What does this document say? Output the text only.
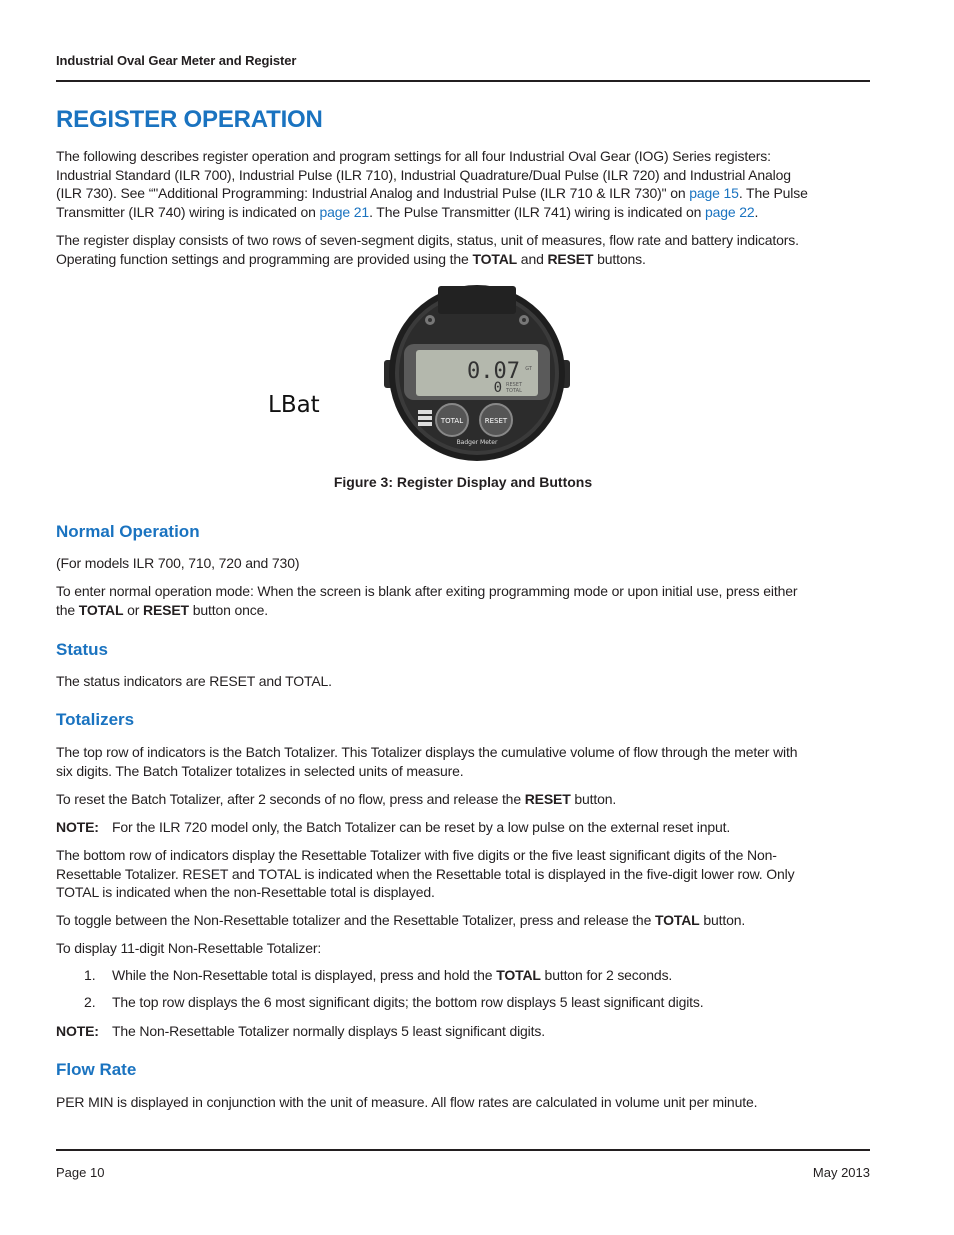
Industrial Oval Gear Meter and Register
REGISTER OPERATION

The following describes register operation and program settings for all four Industrial Oval Gear (IOG) Series registers:
Industrial Standard (ILR 700), Industrial Pulse (ILR 710), Industrial Quadrature/Dual Pulse (ILR 720) and Industrial Analog
(ILR 730). See “"Additional Programming: Industrial Analog and Industrial Pulse (ILR 710 & ILR 730)" on page 15. The Pulse
Transmitter (ILR 740) wiring is indicated on page 21. The Pulse Transmitter (ILR 741) wiring is indicated on page 22.

The register display consists of two rows of seven-segment digits, status, unit of measures, flow rate and battery indicators.
Operating function settings and programming are provided using the TOTAL and RESET buttons.

LBat
0.07 GT
0 RESET
TOTAL
TOTAL	RESET
Badger Meter
Figure 3: Register Display and Buttons
Normal Operation

(For models ILR 700, 710, 720 and 730)

To enter normal operation mode: When the screen is blank after exiting programming mode or upon initial use, press either
the TOTAL or RESET button once.

Status

The status indicators are RESET and TOTAL.

Totalizers

The top row of indicators is the Batch Totalizer. This Totalizer displays the cumulative volume of flow through the meter with
six digits. The Batch Totalizer totalizes in selected units of measure.

To reset the Batch Totalizer, after 2 seconds of no flow, press and release the RESET button.

NOTE: For the ILR 720 model only, the Batch Totalizer can be reset by a low pulse on the external reset input.

The bottom row of indicators display the Resettable Totalizer with five digits or the five least significant digits of the Non-
Resettable Totalizer. RESET and TOTAL is indicated when the Resettable total is displayed in the five-digit lower row. Only
TOTAL is indicated when the non-Resettable total is displayed.

To toggle between the Non-Resettable totalizer and the Resettable Totalizer, press and release the TOTAL button.

To display 11-digit Non-Resettable Totalizer:

1. While the Non-Resettable total is displayed, press and hold the TOTAL button for 2 seconds.
2. The top row displays the 6 most significant digits; the bottom row displays 5 least significant digits.

NOTE: The Non-Resettable Totalizer normally displays 5 least significant digits.

Flow Rate

PER MIN is displayed in conjunction with the unit of measure. All flow rates are calculated in volume unit per minute.

Page 10	May 2013
